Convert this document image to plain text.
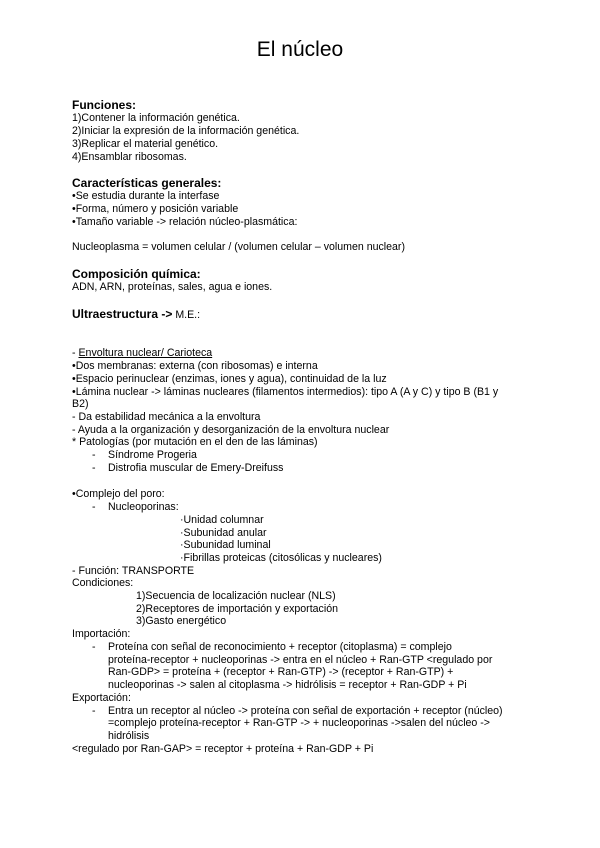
El núcleo
Funciones:
1)Contener la información genética.
2)Iniciar la expresión de la información genética.
3)Replicar el material genético.
4)Ensamblar ribosomas.
Características generales:
•Se estudia durante la interfase
•Forma, número y posición variable
•Tamaño variable -> relación núcleo-plasmática:
Nucleoplasma = volumen celular / (volumen celular – volumen nuclear)
Composición química:
ADN, ARN, proteínas, sales, agua e iones.
Ultraestructura -> M.E.:
- Envoltura nuclear/ Carioteca
•Dos membranas: externa (con ribosomas) e interna
•Espacio perinuclear (enzimas, iones y agua), continuidad de la luz
•Lámina nuclear -> láminas nucleares (filamentos intermedios): tipo A (A y C) y tipo B (B1 y
B2)
- Da estabilidad mecánica a la envoltura
- Ayuda a la organización y desorganización de la envoltura nuclear
* Patologías (por mutación en el den de las láminas)
- Síndrome Progeria
- Distrofia muscular de Emery-Dreifuss
•Complejo del poro:
- Nucleoporinas:
·Unidad columnar
·Subunidad anular
·Subunidad luminal
·Fibrillas proteicas (citosólicas y nucleares)
- Función: TRANSPORTE
Condiciones:
1)Secuencia de localización nuclear (NLS)
2)Receptores de importación y exportación
3)Gasto energético
Importación:
- Proteína con señal de reconocimiento + receptor (citoplasma) = complejo
proteína-receptor + nucleoporinas -> entra en el núcleo + Ran-GTP <regulado por
Ran-GDP> = proteína + (receptor + Ran-GTP) -> (receptor + Ran-GTP) +
nucleoporinas -> salen al citoplasma -> hidrólisis = receptor + Ran-GDP + Pi
Exportación:
- Entra un receptor al núcleo -> proteína con señal de exportación + receptor (núcleo)
=complejo proteína-receptor + Ran-GTP -> + nucleoporinas ->salen del núcleo ->
hidrólisis
<regulado por Ran-GAP> = receptor + proteína + Ran-GDP + Pi
